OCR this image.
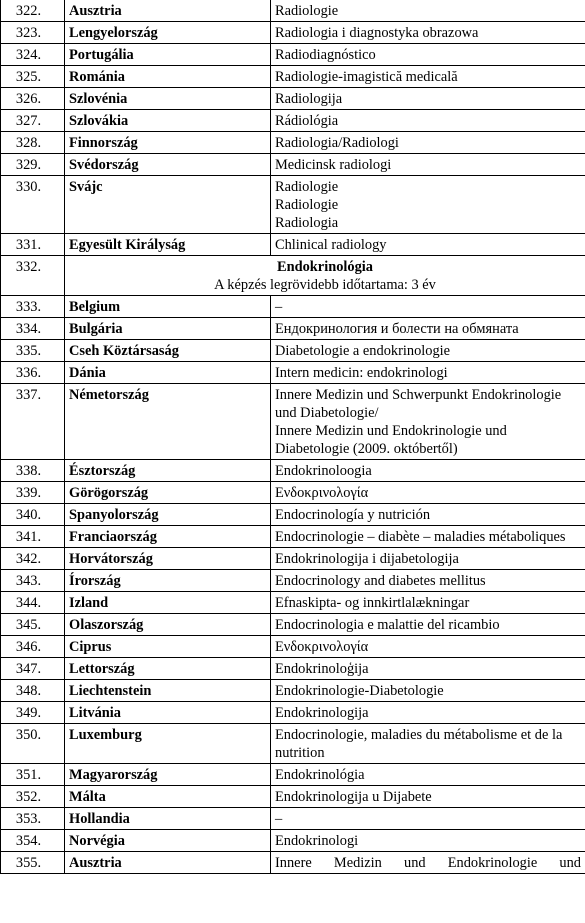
322.	Ausztria	Radiologie

323.	Lengyelország	Radiologia i diagnostyka obrazowa

324.	Portugália	Radiodiagnóstico

325.	Románia	Radiologie-imagistică medicală

326.	Szlovénia	Radiologija

327.	Szlovákia	Rádiológia

328.	Finnország	Radiologia/Radiologi

329.	Svédország	Medicinsk radiologi

330.	Svájc	Radiologie
Radiologie
Radiologia

331.	Egyesült Királyság	Chlinical radiology

332.	Endokrinológia
A képzés legrövidebb időtartama: 3 év	

333.	Belgium	–

334.	Bulgária	Ендокринология и болести на обмяната

335.	Cseh Köztársaság	Diabetologie a endokrinologie

336.	Dánia	Intern medicin: endokrinologi

337.	Németország	Innere Medizin und Schwerpunkt Endokrinologie und Diabetologie/
Innere Medizin und Endokrinologie und Diabetologie (2009. októbertől)

338.	Észtország	Endokrinoloogia

339.	Görögország	Ενδοκρινολογία

340.	Spanyolország	Endocrinología y nutrición

341.	Franciaország	Endocrinologie – diabète – maladies métaboliques

342.	Horvátország	Endokrinologija i dijabetologija

343.	Írország	Endocrinology and diabetes mellitus

344.	Izland	Efnaskipta- og innkirtlalækningar

345.	Olaszország	Endocrinologia e malattie del ricambio

346.	Ciprus	Ενδοκρινολογία

347.	Lettország	Endokrinoloģija

348.	Liechtenstein	Endokrinologie-Diabetologie

349.	Litvánia	Endokrinologija

350.	Luxemburg	Endocrinologie, maladies du métabolisme et de la nutrition

351.	Magyarország	Endokrinológia

352.	Málta	Endokrinologija u Dijabete

353.	Hollandia	–

354.	Norvégia	Endokrinologi

355.	Ausztria	Innere Medizin und Endokrinologie und
